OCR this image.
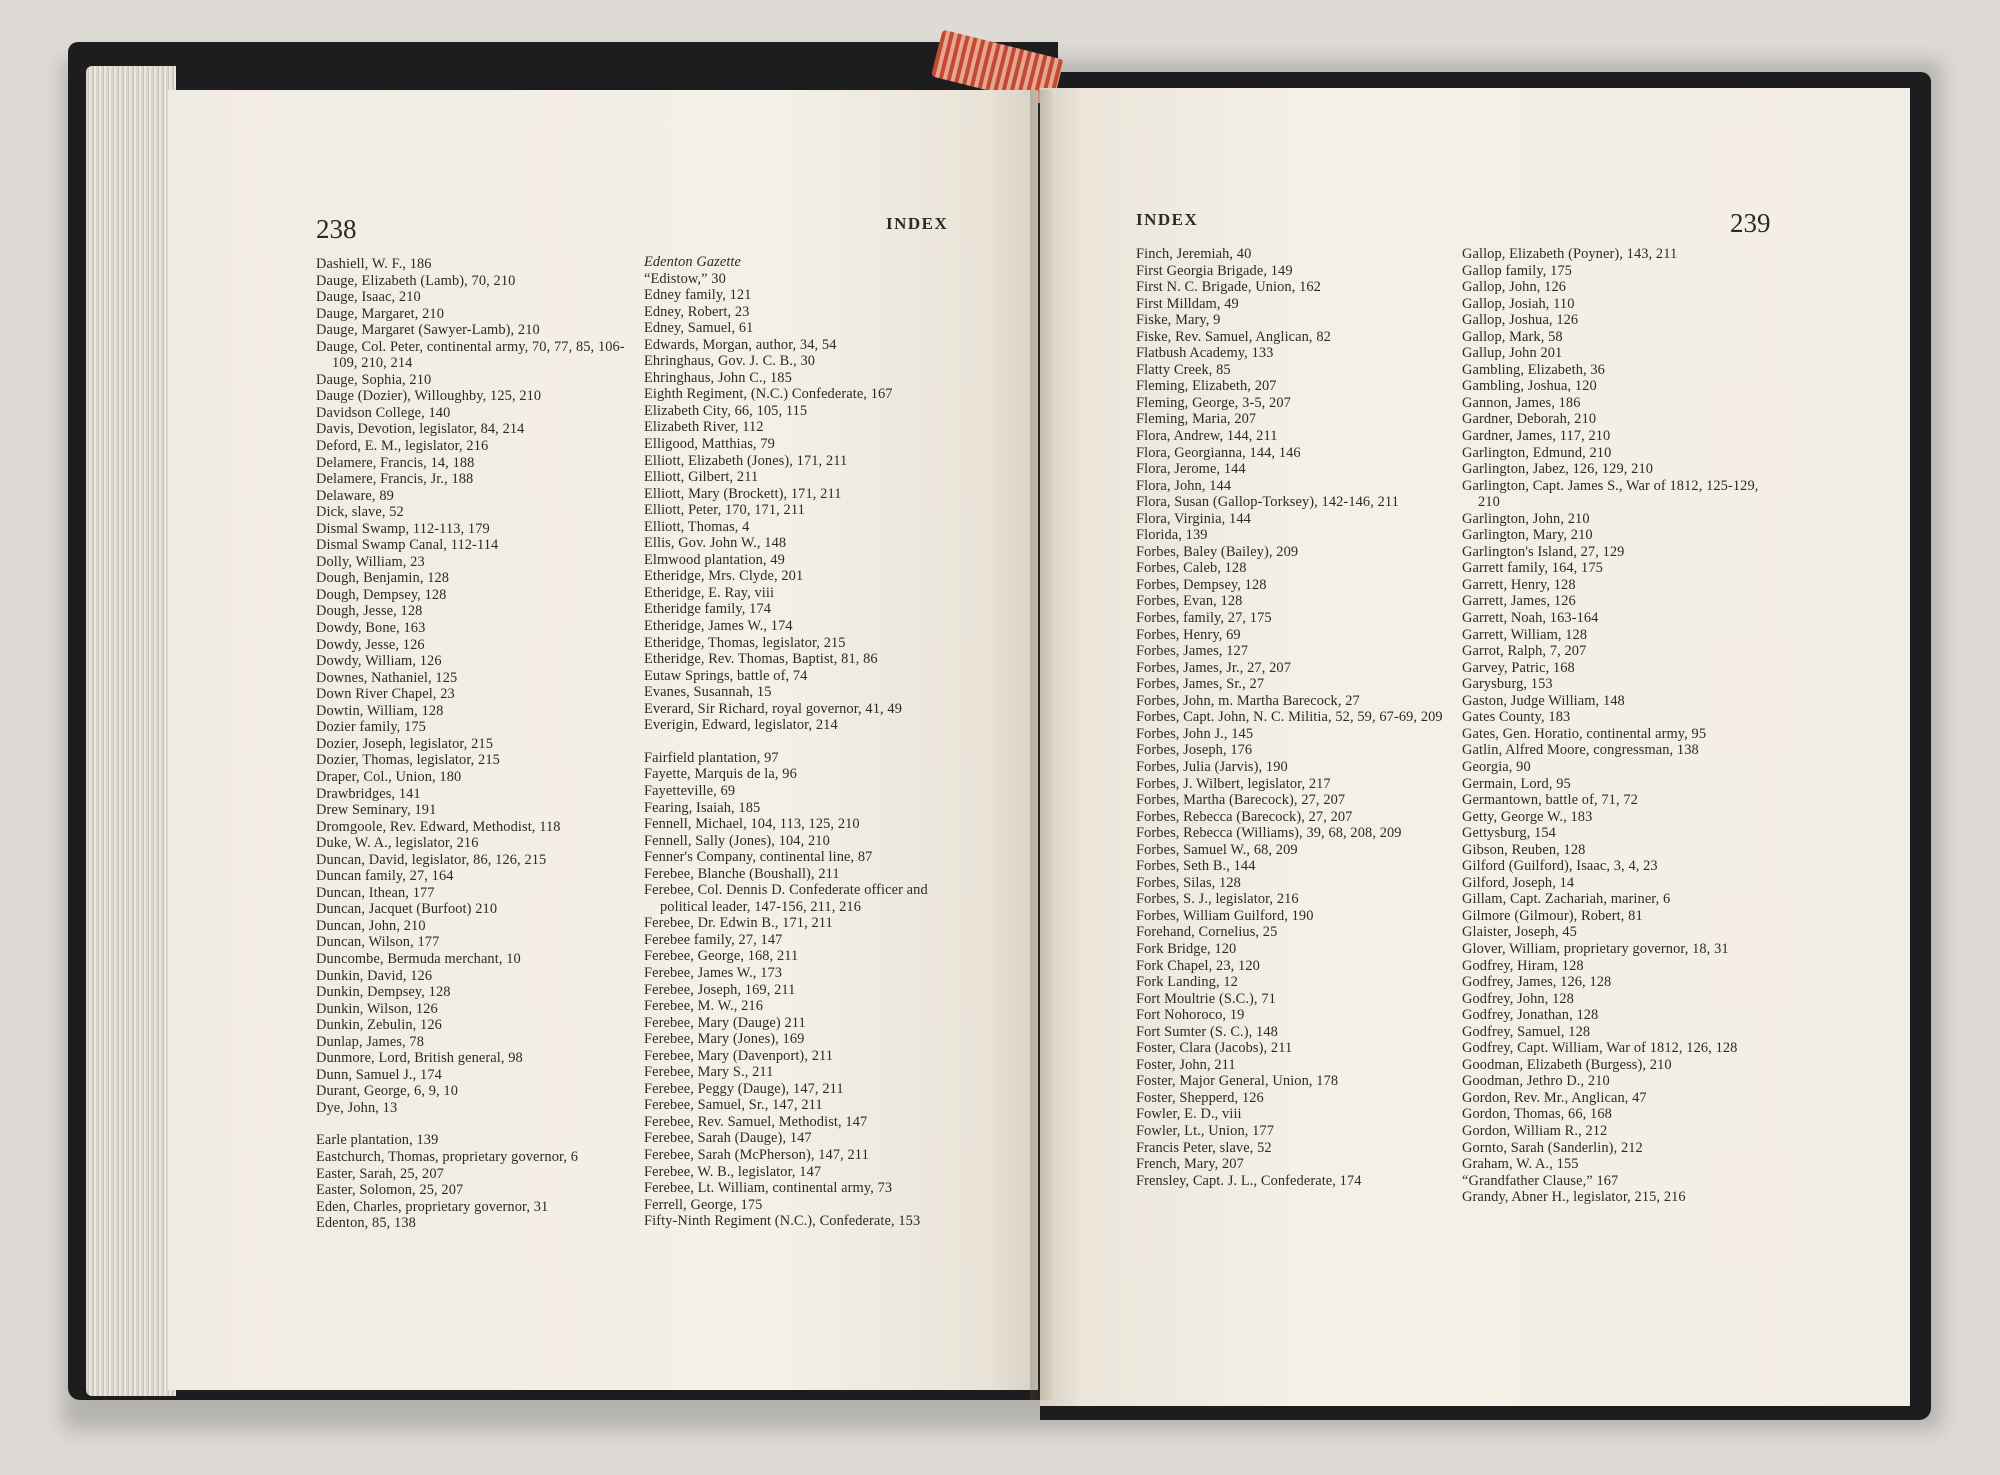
238	INDEX
Dashiell, W. F., 186
Dauge, Elizabeth (Lamb), 70, 210
Dauge, Isaac, 210
Dauge, Margaret, 210
Dauge, Margaret (Sawyer-Lamb), 210
Dauge, Col. Peter, continental army, 70, 77, 85, 106-109, 210, 214
Dauge, Sophia, 210
Dauge (Dozier), Willoughby, 125, 210
Davidson College, 140
Davis, Devotion, legislator, 84, 214
Deford, E. M., legislator, 216
Delamere, Francis, 14, 188
Delamere, Francis, Jr., 188
Delaware, 89
Dick, slave, 52
Dismal Swamp, 112-113, 179
Dismal Swamp Canal, 112-114
Dolly, William, 23
Dough, Benjamin, 128
Dough, Dempsey, 128
Dough, Jesse, 128
Dowdy, Bone, 163
Dowdy, Jesse, 126
Dowdy, William, 126
Downes, Nathaniel, 125
Down River Chapel, 23
Dowtin, William, 128
Dozier family, 175
Dozier, Joseph, legislator, 215
Dozier, Thomas, legislator, 215
Draper, Col., Union, 180
Drawbridges, 141
Drew Seminary, 191
Dromgoole, Rev. Edward, Methodist, 118
Duke, W. A., legislator, 216
Duncan, David, legislator, 86, 126, 215
Duncan family, 27, 164
Duncan, Ithean, 177
Duncan, Jacquet (Burfoot) 210
Duncan, John, 210
Duncan, Wilson, 177
Duncombe, Bermuda merchant, 10
Dunkin, David, 126
Dunkin, Dempsey, 128
Dunkin, Wilson, 126
Dunkin, Zebulin, 126
Dunlap, James, 78
Dunmore, Lord, British general, 98
Dunn, Samuel J., 174
Durant, George, 6, 9, 10
Dye, John, 13
Earle plantation, 139
Eastchurch, Thomas, proprietary governor, 6
Easter, Sarah, 25, 207
Easter, Solomon, 25, 207
Eden, Charles, proprietary governor, 31
Edenton, 85, 138
Edenton Gazette
“Edistow,” 30
Edney family, 121
Edney, Robert, 23
Edney, Samuel, 61
Edwards, Morgan, author, 34, 54
Ehringhaus, Gov. J. C. B., 30
Ehringhaus, John C., 185
Eighth Regiment, (N.C.) Confederate, 167
Elizabeth City, 66, 105, 115
Elizabeth River, 112
Elligood, Matthias, 79
Elliott, Elizabeth (Jones), 171, 211
Elliott, Gilbert, 211
Elliott, Mary (Brockett), 171, 211
Elliott, Peter, 170, 171, 211
Elliott, Thomas, 4
Ellis, Gov. John W., 148
Elmwood plantation, 49
Etheridge, Mrs. Clyde, 201
Etheridge, E. Ray, viii
Etheridge family, 174
Etheridge, James W., 174
Etheridge, Thomas, legislator, 215
Etheridge, Rev. Thomas, Baptist, 81, 86
Eutaw Springs, battle of, 74
Evanes, Susannah, 15
Everard, Sir Richard, royal governor, 41, 49
Everigin, Edward, legislator, 214
Fairfield plantation, 97
Fayette, Marquis de la, 96
Fayetteville, 69
Fearing, Isaiah, 185
Fennell, Michael, 104, 113, 125, 210
Fennell, Sally (Jones), 104, 210
Fenner's Company, continental line, 87
Ferebee, Blanche (Boushall), 211
Ferebee, Col. Dennis D. Confederate officer and political leader, 147-156, 211, 216
Ferebee, Dr. Edwin B., 171, 211
Ferebee family, 27, 147
Ferebee, George, 168, 211
Ferebee, James W., 173
Ferebee, Joseph, 169, 211
Ferebee, M. W., 216
Ferebee, Mary (Dauge) 211
Ferebee, Mary (Jones), 169
Ferebee, Mary (Davenport), 211
Ferebee, Mary S., 211
Ferebee, Peggy (Dauge), 147, 211
Ferebee, Samuel, Sr., 147, 211
Ferebee, Rev. Samuel, Methodist, 147
Ferebee, Sarah (Dauge), 147
Ferebee, Sarah (McPherson), 147, 211
Ferebee, W. B., legislator, 147
Ferebee, Lt. William, continental army, 73
Ferrell, George, 175
Fifty-Ninth Regiment (N.C.), Confederate, 153
INDEX	239
Finch, Jeremiah, 40
First Georgia Brigade, 149
First N. C. Brigade, Union, 162
First Milldam, 49
Fiske, Mary, 9
Fiske, Rev. Samuel, Anglican, 82
Flatbush Academy, 133
Flatty Creek, 85
Fleming, Elizabeth, 207
Fleming, George, 3-5, 207
Fleming, Maria, 207
Flora, Andrew, 144, 211
Flora, Georgianna, 144, 146
Flora, Jerome, 144
Flora, John, 144
Flora, Susan (Gallop-Torksey), 142-146, 211
Flora, Virginia, 144
Florida, 139
Forbes, Baley (Bailey), 209
Forbes, Caleb, 128
Forbes, Dempsey, 128
Forbes, Evan, 128
Forbes, family, 27, 175
Forbes, Henry, 69
Forbes, James, 127
Forbes, James, Jr., 27, 207
Forbes, James, Sr., 27
Forbes, John, m. Martha Barecock, 27
Forbes, Capt. John, N. C. Militia, 52, 59, 67-69, 209
Forbes, John J., 145
Forbes, Joseph, 176
Forbes, Julia (Jarvis), 190
Forbes, J. Wilbert, legislator, 217
Forbes, Martha (Barecock), 27, 207
Forbes, Rebecca (Barecock), 27, 207
Forbes, Rebecca (Williams), 39, 68, 208, 209
Forbes, Samuel W., 68, 209
Forbes, Seth B., 144
Forbes, Silas, 128
Forbes, S. J., legislator, 216
Forbes, William Guilford, 190
Forehand, Cornelius, 25
Fork Bridge, 120
Fork Chapel, 23, 120
Fork Landing, 12
Fort Moultrie (S.C.), 71
Fort Nohoroco, 19
Fort Sumter (S. C.), 148
Foster, Clara (Jacobs), 211
Foster, John, 211
Foster, Major General, Union, 178
Foster, Shepperd, 126
Fowler, E. D., viii
Fowler, Lt., Union, 177
Francis Peter, slave, 52
French, Mary, 207
Frensley, Capt. J. L., Confederate, 174
Gallop, Elizabeth (Poyner), 143, 211
Gallop family, 175
Gallop, John, 126
Gallop, Josiah, 110
Gallop, Joshua, 126
Gallop, Mark, 58
Gallup, John 201
Gambling, Elizabeth, 36
Gambling, Joshua, 120
Gannon, James, 186
Gardner, Deborah, 210
Gardner, James, 117, 210
Garlington, Edmund, 210
Garlington, Jabez, 126, 129, 210
Garlington, Capt. James S., War of 1812, 125-129, 210
Garlington, John, 210
Garlington, Mary, 210
Garlington's Island, 27, 129
Garrett family, 164, 175
Garrett, Henry, 128
Garrett, James, 126
Garrett, Noah, 163-164
Garrett, William, 128
Garrot, Ralph, 7, 207
Garvey, Patric, 168
Garysburg, 153
Gaston, Judge William, 148
Gates County, 183
Gates, Gen. Horatio, continental army, 95
Gatlin, Alfred Moore, congressman, 138
Georgia, 90
Germain, Lord, 95
Germantown, battle of, 71, 72
Getty, George W., 183
Gettysburg, 154
Gibson, Reuben, 128
Gilford (Guilford), Isaac, 3, 4, 23
Gilford, Joseph, 14
Gillam, Capt. Zachariah, mariner, 6
Gilmore (Gilmour), Robert, 81
Glaister, Joseph, 45
Glover, William, proprietary governor, 18, 31
Godfrey, Hiram, 128
Godfrey, James, 126, 128
Godfrey, John, 128
Godfrey, Jonathan, 128
Godfrey, Samuel, 128
Godfrey, Capt. William, War of 1812, 126, 128
Goodman, Elizabeth (Burgess), 210
Goodman, Jethro D., 210
Gordon, Rev. Mr., Anglican, 47
Gordon, Thomas, 66, 168
Gordon, William R., 212
Gornto, Sarah (Sanderlin), 212
Graham, W. A., 155
“Grandfather Clause,” 167
Grandy, Abner H., legislator, 215, 216
